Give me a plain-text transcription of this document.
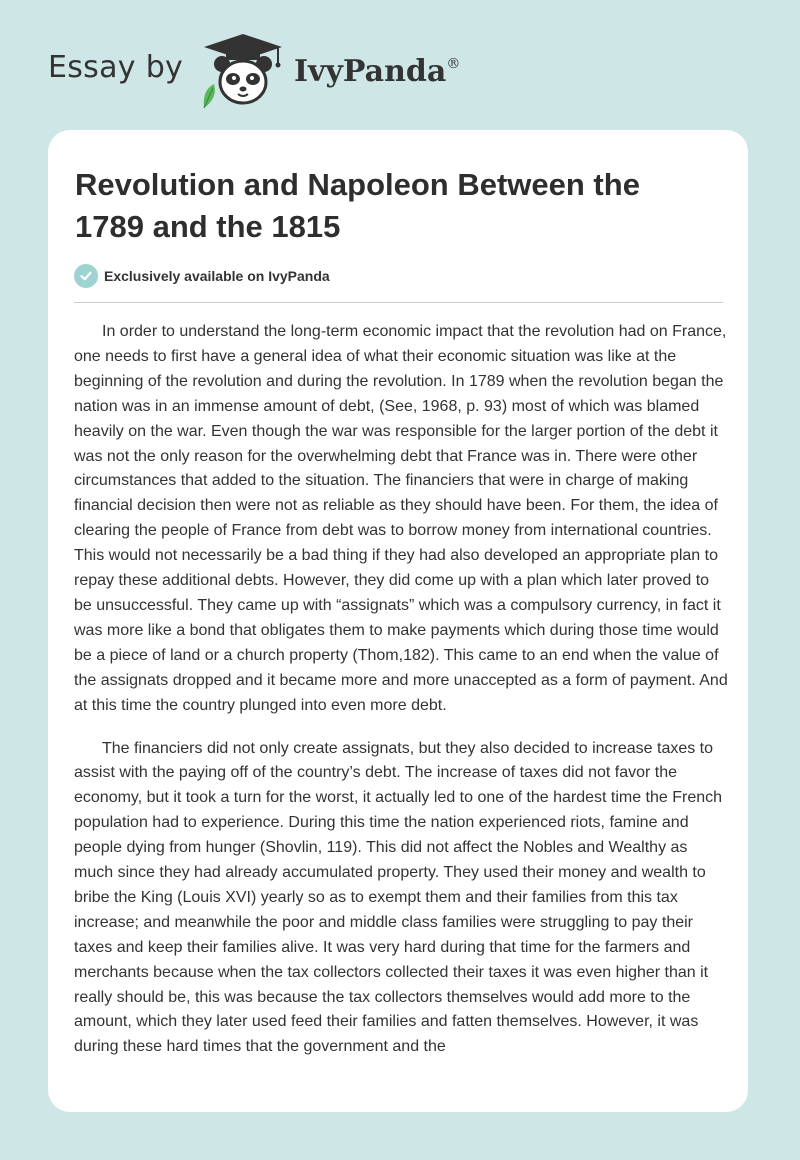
Essay by	IvyPanda®
Revolution and Napoleon Between the 1789 and the 1815
Exclusively available on IvyPanda

In order to understand the long-term economic impact that the revolution had on France, one needs to first have a general idea of what their economic situation was like at the beginning of the revolution and during the revolution. In 1789 when the revolution began the nation was in an immense amount of debt, (See, 1968, p. 93) most of which was blamed heavily on the war. Even though the war was responsible for the larger portion of the debt it was not the only reason for the overwhelming debt that France was in. There were other circumstances that added to the situation. The financiers that were in charge of making financial decision then were not as reliable as they should have been. For them, the idea of clearing the people of France from debt was to borrow money from international countries. This would not necessarily be a bad thing if they had also developed an appropriate plan to repay these additional debts. However, they did come up with a plan which later proved to be unsuccessful. They came up with “assignats” which was a compulsory currency, in fact it was more like a bond that obligates them to make payments which during those time would be a piece of land or a church property (Thom,182). This came to an end when the value of the assignats dropped and it became more and more unaccepted as a form of payment. And at this time the country plunged into even more debt.

The financiers did not only create assignats, but they also decided to increase taxes to assist with the paying off of the country’s debt. The increase of taxes did not favor the economy, but it took a turn for the worst, it actually led to one of the hardest time the French population had to experience. During this time the nation experienced riots, famine and people dying from hunger (Shovlin, 119). This did not affect the Nobles and Wealthy as much since they had already accumulated property. They used their money and wealth to bribe the King (Louis XVI) yearly so as to exempt them and their families from this tax increase; and meanwhile the poor and middle class families were struggling to pay their taxes and keep their families alive. It was very hard during that time for the farmers and merchants because when the tax collectors collected their taxes it was even higher than it really should be, this was because the tax collectors themselves would add more to the amount, which they later used feed their families and fatten themselves. However, it was during these hard times that the government and the
